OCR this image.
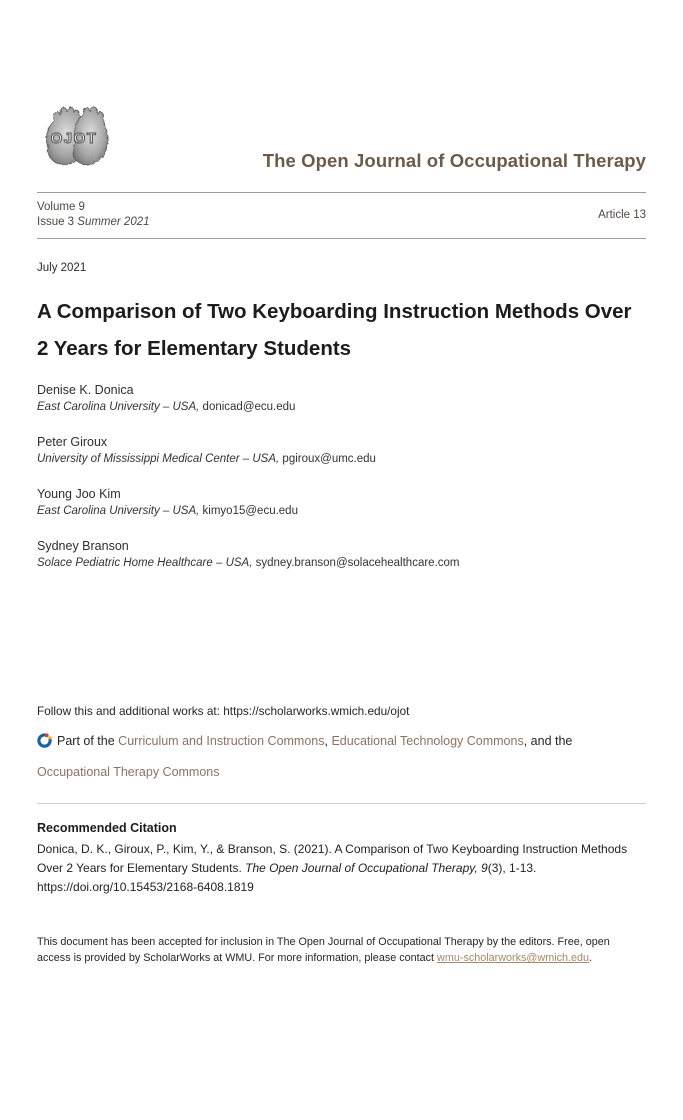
OJOT
The Open Journal of Occupational Therapy
Volume 9
Issue 3 Summer 2021
Article 13
July 2021
A Comparison of Two Keyboarding Instruction Methods Over 2 Years for Elementary Students
Denise K. Donica
East Carolina University – USA, donicad@ecu.edu
Peter Giroux
University of Mississippi Medical Center – USA, pgiroux@umc.edu
Young Joo Kim
East Carolina University – USA, kimyo15@ecu.edu
Sydney Branson
Solace Pediatric Home Healthcare – USA, sydney.branson@solacehealthcare.com
Follow this and additional works at: https://scholarworks.wmich.edu/ojot
Part of the Curriculum and Instruction Commons, Educational Technology Commons, and the Occupational Therapy Commons
Recommended Citation

Donica, D. K., Giroux, P., Kim, Y., & Branson, S. (2021). A Comparison of Two Keyboarding Instruction Methods Over 2 Years for Elementary Students. The Open Journal of Occupational Therapy, 9(3), 1-13.
https://doi.org/10.15453/2168-6408.1819

This document has been accepted for inclusion in The Open Journal of Occupational Therapy by the editors. Free, open access is provided by ScholarWorks at WMU. For more information, please contact wmu-scholarworks@wmich.edu.
